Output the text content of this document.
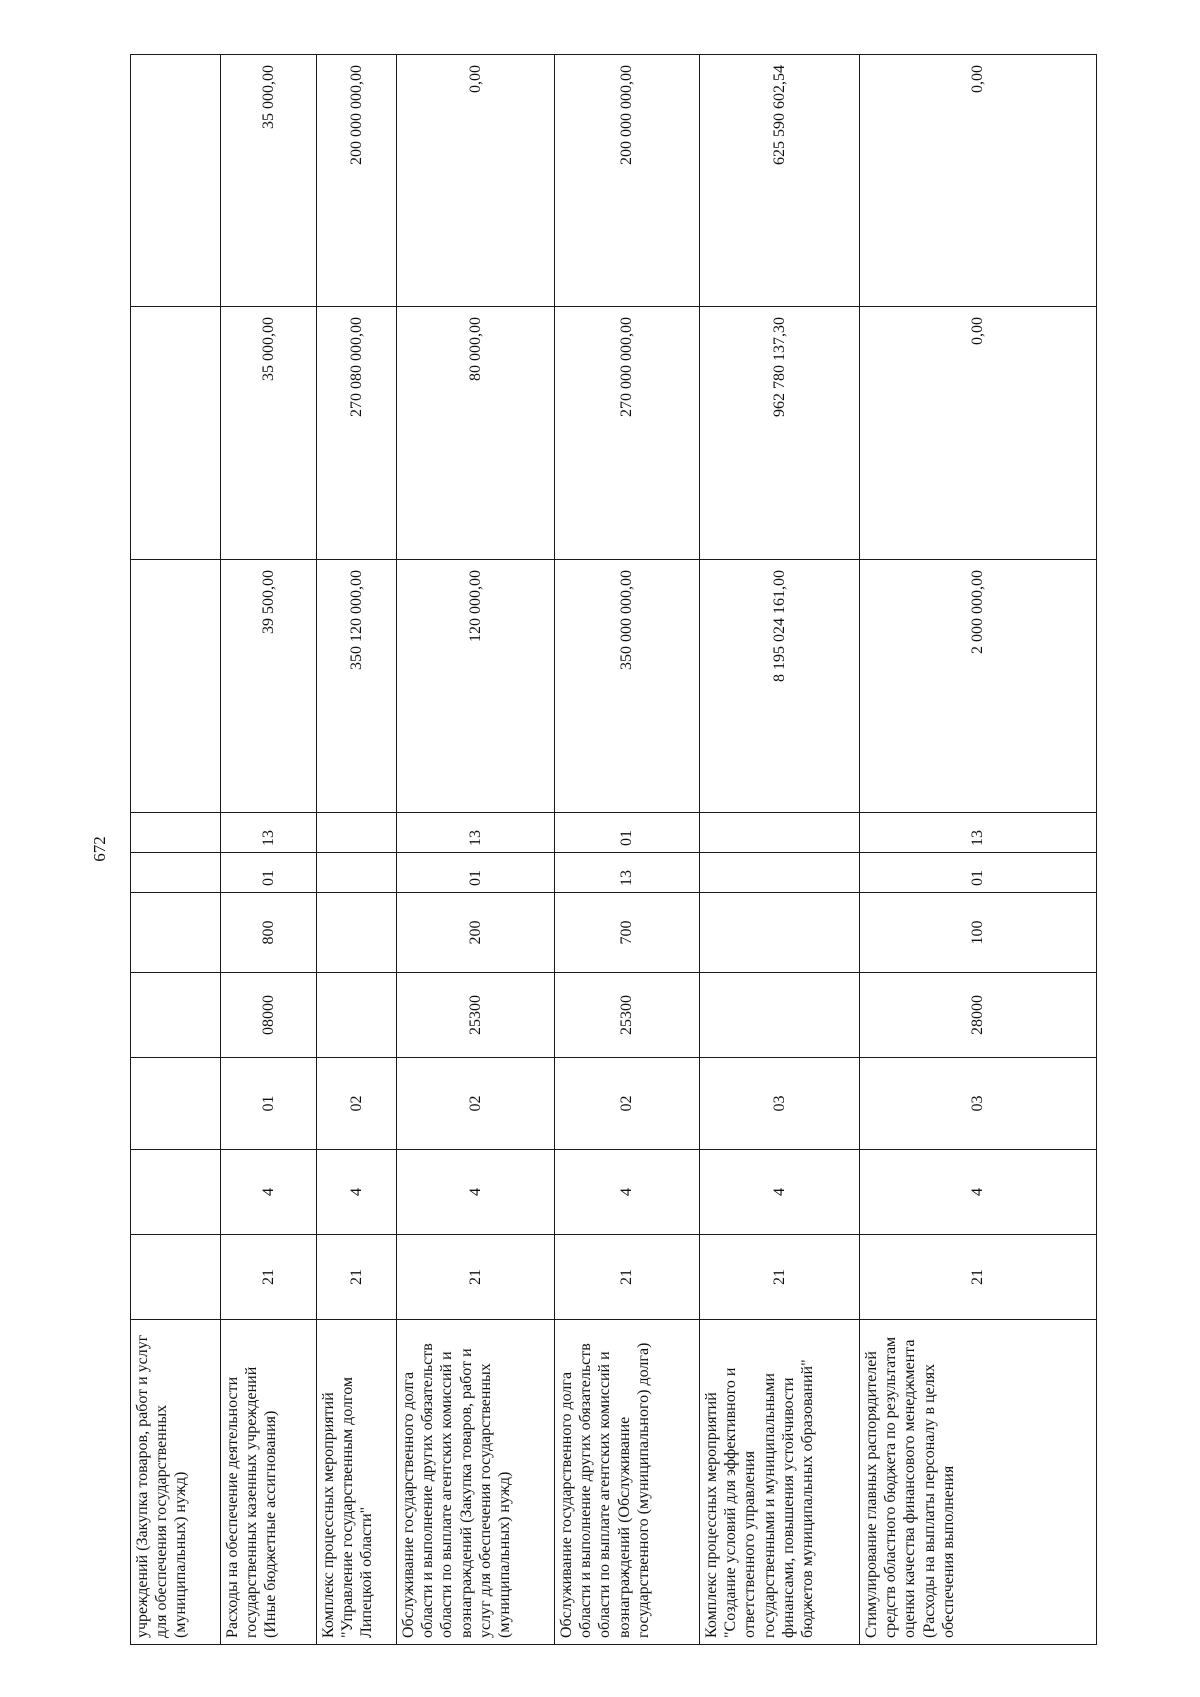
672
учреждений (Закупка товаров, работ и услуг для обеспечения государственных (муниципальных) нужд)										
Расходы на обеспечение деятельности государственных казенных учреждений (Иные бюджетные ассигнования)	21	4	01	08000	800	01	13	39 500,00	35 000,00	35 000,00
Комплекс процессных мероприятий "Управление государственным долгом Липецкой области"	21	4	02					350 120 000,00	270 080 000,00	200 000 000,00
Обслуживание государственного долга области и выполнение других обязательств области по выплате агентских комиссий и вознаграждений (Закупка товаров, работ и услуг для обеспечения государственных (муниципальных) нужд)	21	4	02	25300	200	01	13	120 000,00	80 000,00	0,00
Обслуживание государственного долга области и выполнение других обязательств области по выплате агентских комиссий и вознаграждений (Обслуживание государственного (муниципального) долга)	21	4	02	25300	700	13	01	350 000 000,00	270 000 000,00	200 000 000,00
Комплекс процессных мероприятий "Создание условий для эффективного и ответственного управления государственными и муниципальными финансами, повышения устойчивости бюджетов муниципальных образований"	21	4	03					8 195 024 161,00	962 780 137,30	625 590 602,54
Стимулирование главных распорядителей средств областного бюджета по результатам оценки качества финансового менеджмента (Расходы на выплаты персоналу в целях обеспечения выполнения	21	4	03	28000	100	01	13	2 000 000,00	0,00	0,00
